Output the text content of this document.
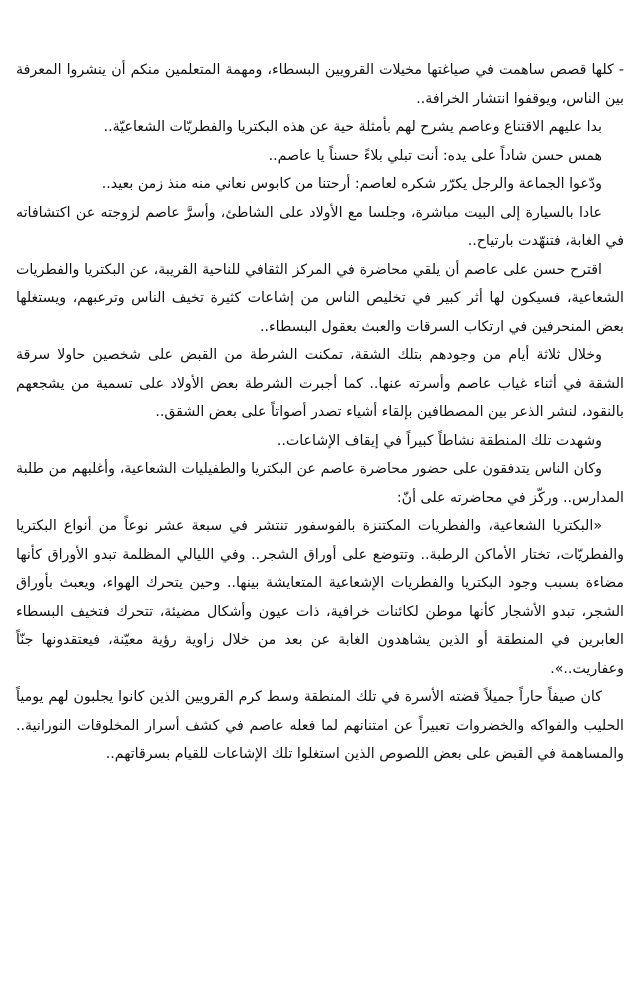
- كلها قصص ساهمت في صياغتها مخيلات القرويين البسطاء، ومهمة المتعلمين منكم أن ينشروا المعرفة بين الناس، ويوقفوا انتشار الخرافة..

بدا عليهم الاقتناع وعاصم يشرح لهم بأمثلة حية عن هذه البكتريا والفطريّات الشعاعيّة..

همس حسن شاداً على يده: أنت تبلي بلاءً حسناً يا عاصم..

ودّعوا الجماعة والرجل يكرّر شكره لعاصم: أرحتنا من كابوس نعاني منه منذ زمن بعيد..

عادا بالسيارة إلى البيت مباشرة، وجلسا مع الأولاد على الشاطئ، وأسرَّ عاصم لزوجته عن اكتشافاته في الغابة، فتنهّدت بارتياح..

اقترح حسن على عاصم أن يلقي محاضرة في المركز الثقافي للناحية القريبة، عن البكتريا والفطريات الشعاعية، فسيكون لها أثر كبير في تخليص الناس من إشاعات كثيرة تخيف الناس وترعبهم، ويستغلها بعض المنحرفين في ارتكاب السرقات والعبث بعقول البسطاء..

وخلال ثلاثة أيام من وجودهم بتلك الشقة، تمكنت الشرطة من القبض على شخصين حاولا سرقة الشقة في أثناء غياب عاصم وأسرته عنها.. كما أجبرت الشرطة بعض الأولاد على تسمية من يشجعهم بالنقود، لنشر الذعر بين المصطافين بإلقاء أشياء تصدر أصواتاً على بعض الشقق..

وشهدت تلك المنطقة نشاطاً كبيراً في إيقاف الإشاعات..

وكان الناس يتدفقون على حضور محاضرة عاصم عن البكتريا والطفيليات الشعاعية، وأغلبهم من طلبة المدارس.. وركّز في محاضرته على أنّ:

«البكتريا الشعاعية، والفطريات المكتنزة بالفوسفور تنتشر في سبعة عشر نوعاً من أنواع البكتريا والفطريّات، تختار الأماكن الرطبة.. وتتوضع على أوراق الشجر.. وفي الليالي المظلمة تبدو الأوراق كأنها مضاءة بسبب وجود البكتريا والفطريات الإشعاعية المتعايشة بينها.. وحين يتحرك الهواء، ويعبث بأوراق الشجر، تبدو الأشجار كأنها موطن لكائنات خرافية، ذات عيون وأشكال مضيئة، تتحرك فتخيف البسطاء العابرين في المنطقة أو الذين يشاهدون الغابة عن بعد من خلال زاوية رؤية معيّنة، فيعتقدونها جنّاً وعفاريت..».

كان صيفاً حاراً جميلاً قضته الأسرة في تلك المنطقة وسط كرم القرويين الذين كانوا يجلبون لهم يومياً الحليب والفواكه والخضروات تعبيراً عن امتنانهم لما فعله عاصم في كشف أسرار المخلوقات النورانية.. والمساهمة في القبض على بعض اللصوص الذين استغلوا تلك الإشاعات للقيام بسرقاتهم..
